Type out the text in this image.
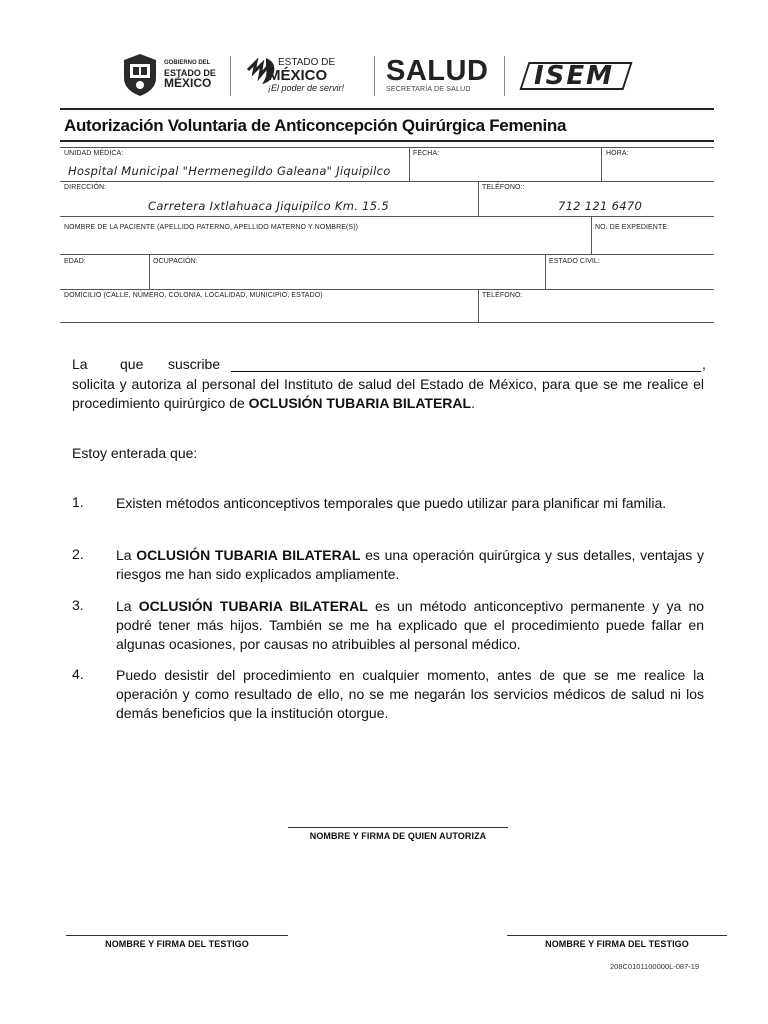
GOBIERNO DEL
ESTADO DE
MÉXICO
ESTADO DE
MÉXICO
¡El poder de servir!
SALUD
SECRETARÍA DE SALUD	ISEM
Autorización Voluntaria de Anticoncepción Quirúrgica Femenina
UNIDAD MÉDICA:
Hospital Municipal "Hermenegildo Galeana" Jiquipilco
FECHA:	HORA:
DIRECCIÓN:
Carretera Ixtlahuaca Jiquipilco Km. 15.5
TELÉFONO::
712 121 6470
NOMBRE DE LA PACIENTE (APELLIDO PATERNO, APELLIDO MATERNO Y NOMBRE(S))	NO. DE EXPEDIENTE:
EDAD:	OCUPACIÓN:	ESTADO CIVIL:
DOMICILIO (CALLE, NÚMERO, COLONIA, LOCALIDAD, MUNICIPIO, ESTADO)	TELÉFONO:
La que suscribe	,
solicita y autoriza al personal del Instituto de salud del Estado de México, para que se me realice el procedimiento quirúrgico de OCLUSIÓN TUBARIA BILATERAL.
Estoy enterada que:
1. Existen métodos anticonceptivos temporales que puedo utilizar para planificar mi familia.
2. La OCLUSIÓN TUBARIA BILATERAL es una operación quirúrgica y sus detalles, ventajas y riesgos me han sido explicados ampliamente.
3. La OCLUSIÓN TUBARIA BILATERAL es un método anticonceptivo permanente y ya no podré tener más hijos. También se me ha explicado que el procedimiento puede fallar en algunas ocasiones, por causas no atribuibles al personal médico.
4. Puedo desistir del procedimiento en cualquier momento, antes de que se me realice la operación y como resultado de ello, no se me negarán los servicios médicos de salud ni los demás beneficios que la institución otorgue.
NOMBRE Y FIRMA DE QUIEN AUTORIZA
NOMBRE Y FIRMA DEL TESTIGO	NOMBRE Y FIRMA DEL TESTIGO
208C0101100000L-087-19
